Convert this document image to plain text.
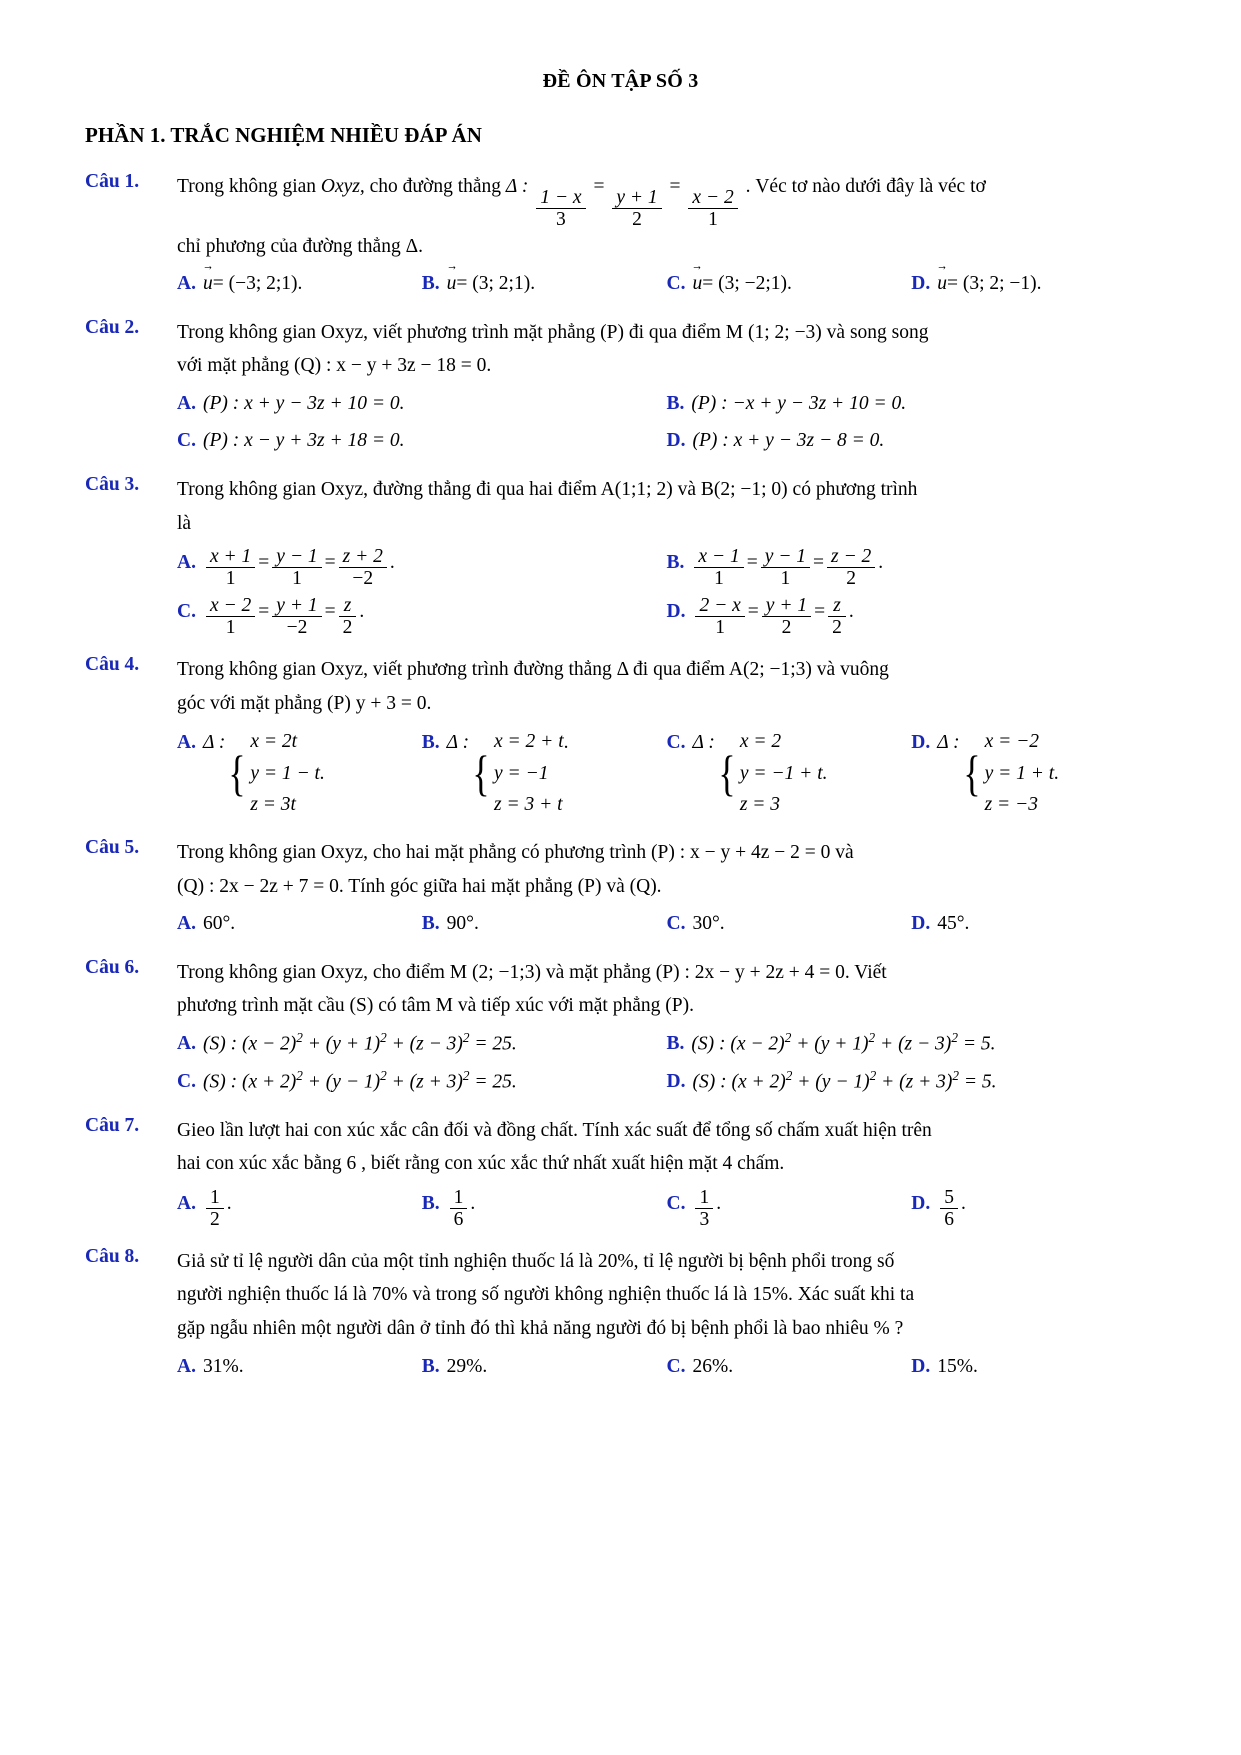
ĐỀ ÔN TẬP SỐ 3
PHẦN 1. TRẮC NGHIỆM NHIỀU ĐÁP ÁN
Câu 1.	Trong không gian Oxyz, cho đường thẳng Δ :
$\frac{1 - x}{3}$
=
$\frac{y + 1}{2}$
=
$\frac{x - 2}{1}$
. Véc tơ nào dưới đây là véc tơ
chỉ phương của đường thẳng Δ.
A. u → = (−3; 2;1).	B. u → = (3; 2;1).	C. u → = (3; −2;1).	D. u → = (3; 2; −1).
Câu 2.	Trong không gian Oxyz, viết phương trình mặt phẳng (P) đi qua điểm M (1; 2; −3) và song song
với mặt phẳng (Q) : x − y + 3z − 18 = 0.
A. (P) : x + y − 3z + 10 = 0.	B. (P) : −x + y − 3z + 10 = 0.
C. (P) : x − y + 3z + 18 = 0.	D. (P) : x + y − 3z − 8 = 0.
Câu 3.	Trong không gian Oxyz, đường thẳng đi qua hai điểm A(1;1; 2) và B(2; −1; 0) có phương trình
là
A. $\frac{x + 1}{1} = \frac{y - 1}{1} = \frac{z + 2}{-2}$ .	B. $\frac{x - 1}{1} = \frac{y - 1}{1} = \frac{z - 2}{2}$ .
C. $\frac{x - 2}{1} = \frac{y + 1}{-2} = \frac{z}{2}$ .	D. $\frac{2 - x}{1} = \frac{y + 1}{2} = \frac{z}{2}$ .
Câu 4.	Trong không gian Oxyz, viết phương trình đường thẳng Δ đi qua điểm A(2; −1;3) và vuông
góc với mặt phẳng (P) y + 3 = 0.
A. Δ :
{
x = 2t
y = 1 − t.
z = 3t
B. Δ :
{
x = 2 + t
y = −1
z = 3 + t
.	C. Δ :
{
x = 2
y = −1 + t.
z = 3
D. Δ :
{
x = −2
y = 1 + t.
z = −3
Câu 5.	Trong không gian Oxyz, cho hai mặt phẳng có phương trình (P) : x − y + 4z − 2 = 0 và
(Q) : 2x − 2z + 7 = 0. Tính góc giữa hai mặt phẳng (P) và (Q).
A. 60°.	B. 90°.	C. 30°.	D. 45°.
Câu 6.	Trong không gian Oxyz, cho điểm M (2; −1;3) và mặt phẳng (P) : 2x − y + 2z + 4 = 0. Viết
phương trình mặt cầu (S) có tâm M và tiếp xúc với mặt phẳng (P).
A. (S) : $(x - 2)^2 + (y + 1)^2 + (z - 3)^2 = 25$.	B. (S) : $(x - 2)^2 + (y + 1)^2 + (z - 3)^2 = 5$.
C. (S) : $(x + 2)^2 + (y - 1)^2 + (z + 3)^2 = 25$.	D. (S) : $(x + 2)^2 + (y - 1)^2 + (z + 3)^2 = 5$.
Câu 7.	Gieo lần lượt hai con xúc xắc cân đối và đồng chất. Tính xác suất để tổng số chấm xuất hiện trên
hai con xúc xắc bằng 6 , biết rằng con xúc xắc thứ nhất xuất hiện mặt 4 chấm.
A. $\frac{1}{2}$ .	B. $\frac{1}{6}$ .	C. $\frac{1}{3}$ .	D. $\frac{5}{6}$ .
Câu 8.	Giả sử tỉ lệ người dân của một tỉnh nghiện thuốc lá là 20%, tỉ lệ người bị bệnh phổi trong số
người nghiện thuốc lá là 70% và trong số người không nghiện thuốc lá là 15%. Xác suất khi ta
gặp ngẫu nhiên một người dân ở tỉnh đó thì khả năng người đó bị bệnh phổi là bao nhiêu % ?
A. 31%.	B. 29%.	C. 26%.	D. 15%.
